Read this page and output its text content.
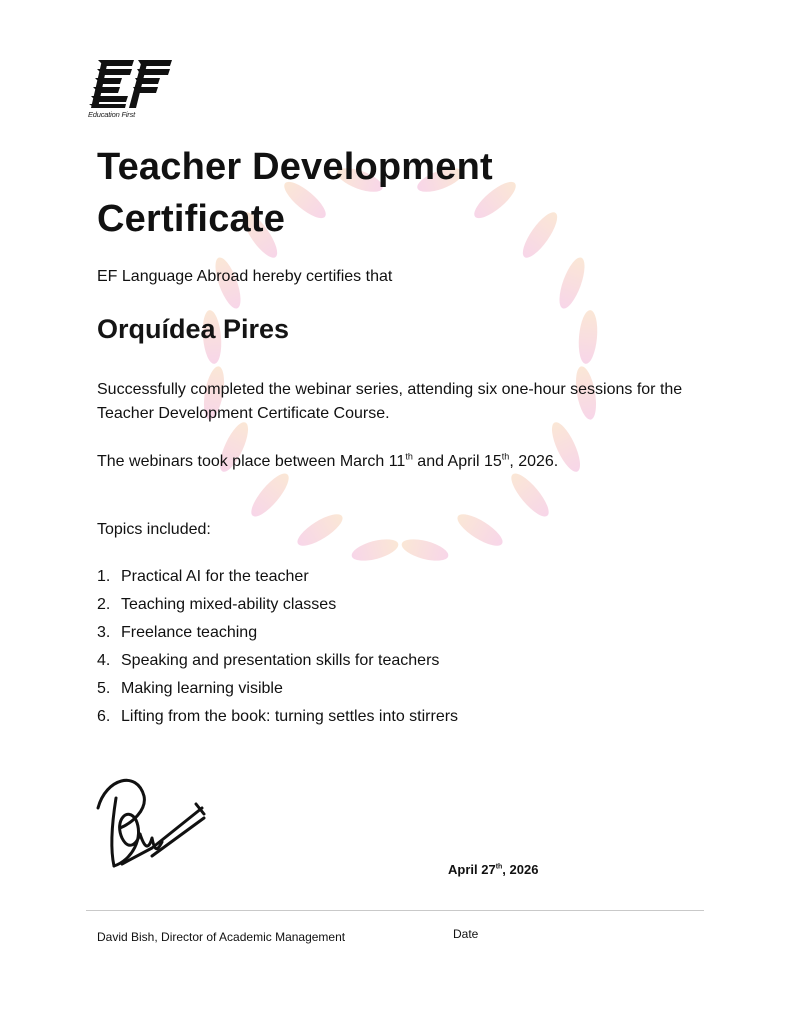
Education First
Teacher Development Certificate
EF Language Abroad hereby certifies that
Orquídea Pires
Successfully completed the webinar series, attending six one-hour sessions for the Teacher Development Certificate Course.
The webinars took place between March 11th and April 15th, 2026.
Topics included:
1. Practical AI for the teacher
2. Teaching mixed-ability classes
3. Freelance teaching
4. Speaking and presentation skills for teachers
5. Making learning visible
6. Lifting from the book: turning settles into stirrers
April 27th, 2026
David Bish, Director of Academic Management	Date
